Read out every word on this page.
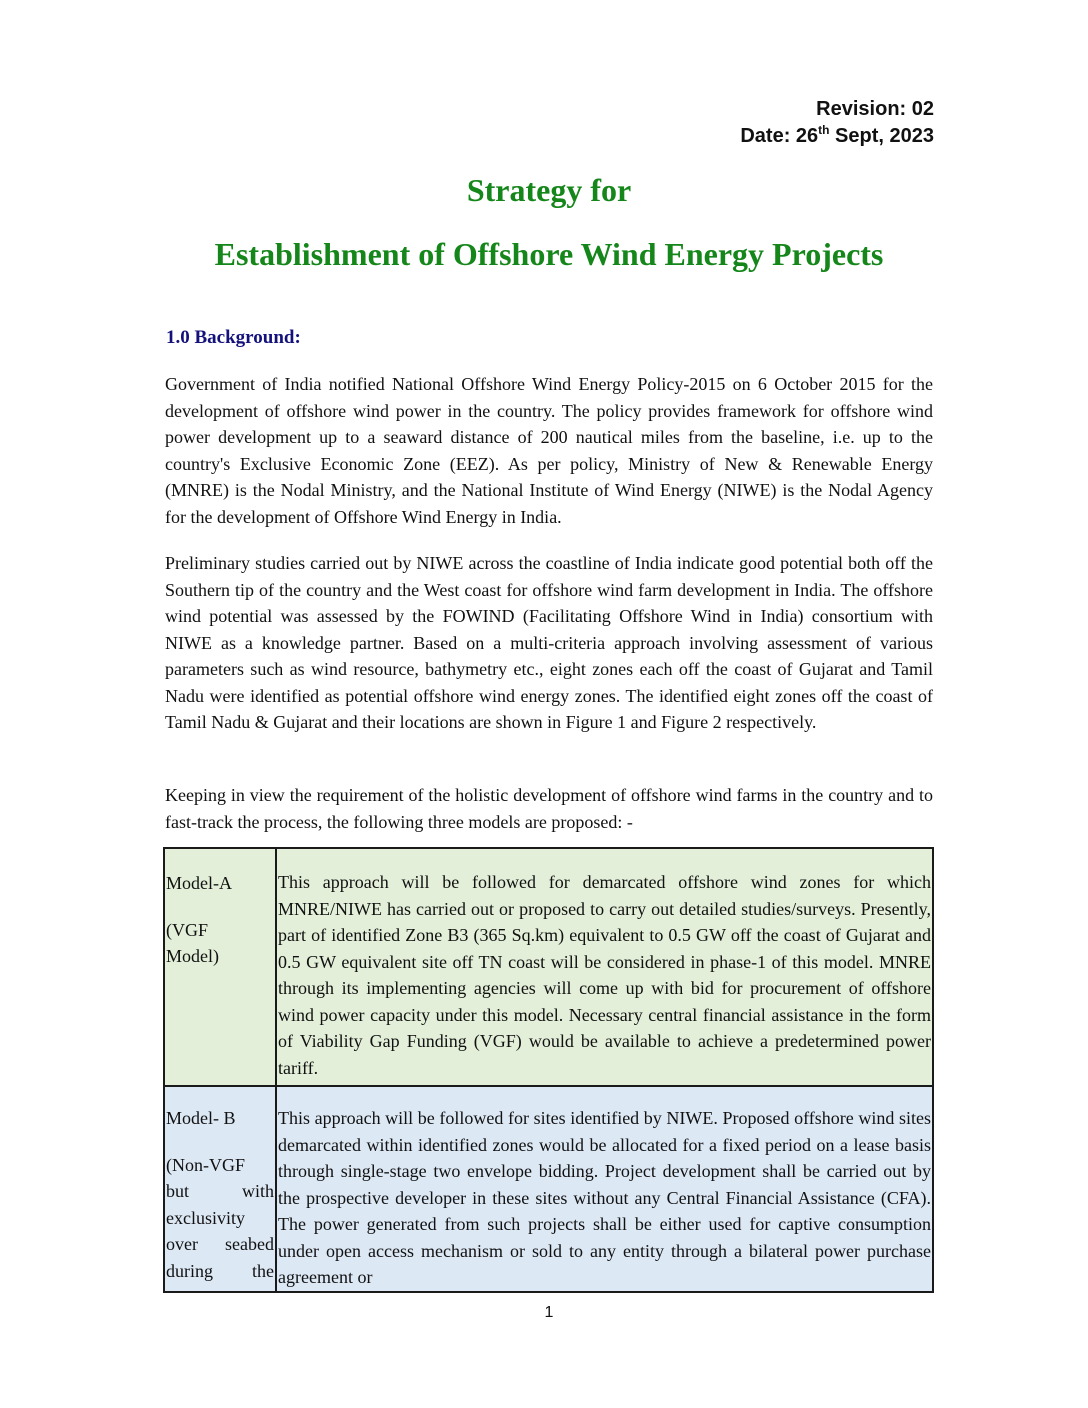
Revision: 02
Date: 26th Sept, 2023
Strategy for
Establishment of Offshore Wind Energy Projects
1.0 Background:

Government of India notified National Offshore Wind Energy Policy-2015 on 6 October 2015 for the development of offshore wind power in the country. The policy provides framework for offshore wind power development up to a seaward distance of 200 nautical miles from the baseline, i.e. up to the country's Exclusive Economic Zone (EEZ). As per policy, Ministry of New & Renewable Energy (MNRE) is the Nodal Ministry, and the National Institute of Wind Energy (NIWE) is the Nodal Agency for the development of Offshore Wind Energy in India.

Preliminary studies carried out by NIWE across the coastline of India indicate good potential both off the Southern tip of the country and the West coast for offshore wind farm development in India. The offshore wind potential was assessed by the FOWIND (Facilitating Offshore Wind in India) consortium with NIWE as a knowledge partner. Based on a multi-criteria approach involving assessment of various parameters such as wind resource, bathymetry etc., eight zones each off the coast of Gujarat and Tamil Nadu were identified as potential offshore wind energy zones. The identified eight zones off the coast of Tamil Nadu & Gujarat and their locations are shown in Figure 1 and Figure 2 respectively.

Keeping in view the requirement of the holistic development of offshore wind farms in the country and to fast-track the process, the following three models are proposed: -

Model-A
(VGF
Model)
	This approach will be followed for demarcated offshore wind zones for which MNRE/NIWE has carried out or proposed to carry out detailed studies/surveys. Presently, part of identified Zone B3 (365 Sq.km) equivalent to 0.5 GW off the coast of Gujarat and 0.5 GW equivalent site off TN coast will be considered in phase-1 of this model. MNRE through its implementing agencies will come up with bid for procurement of offshore wind power capacity under this model. Necessary central financial assistance in the form of Viability Gap Funding (VGF) would be available to achieve a predetermined power tariff.

Model- B
(Non-VGF
but with
exclusivity
over seabed
during the
	This approach will be followed for sites identified by NIWE. Proposed offshore wind sites demarcated within identified zones would be allocated for a fixed period on a lease basis through single-stage two envelope bidding. Project development shall be carried out by the prospective developer in these sites without any Central Financial Assistance (CFA). The power generated from such projects shall be either used for captive consumption under open access mechanism or sold to any entity through a bilateral power purchase agreement or
1
